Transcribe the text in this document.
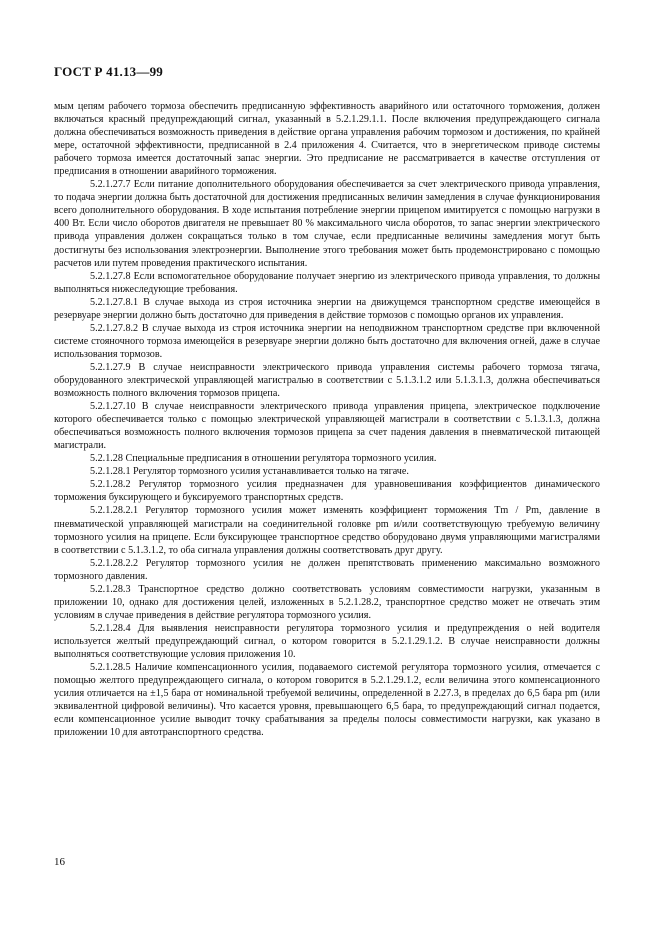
ГОСТ Р 41.13—99

мым цепям рабочего тормоза обеспечить предписанную эффективность аварийного или остаточного торможения, должен включаться красный предупреждающий сигнал, указанный в 5.2.1.29.1.1. После включения предупреждающего сигнала должна обеспечиваться возможность приведения в действие органа управления рабочим тормозом и достижения, по крайней мере, остаточной эффективности, предписанной в 2.4 приложения 4. Считается, что в энергетическом приводе системы рабочего тормоза имеется достаточный запас энергии. Это предписание не рассматривается в качестве отступления от предписания в отношении аварийного торможения.

5.2.1.27.7 Если питание дополнительного оборудования обеспечивается за счет электрического привода управления, то подача энергии должна быть достаточной для достижения предписанных величин замедления в случае функционирования всего дополнительного оборудования. В ходе испытания потребление энергии прицепом имитируется с помощью нагрузки в 400 Вт. Если число оборотов двигателя не превышает 80 % максимального числа оборотов, то запас энергии электрического привода управления должен сокращаться только в том случае, если предписанные величины замедления могут быть достигнуты без использования электроэнергии. Выполнение этого требования может быть продемонстрировано с помощью расчетов или путем проведения практического испытания.

5.2.1.27.8 Если вспомогательное оборудование получает энергию из электрического привода управления, то должны выполняться нижеследующие требования.

5.2.1.27.8.1 В случае выхода из строя источника энергии на движущемся транспортном средстве имеющейся в резервуаре энергии должно быть достаточно для приведения в действие тормозов с помощью органов их управления.

5.2.1.27.8.2 В случае выхода из строя источника энергии на неподвижном транспортном средстве при включенной системе стояночного тормоза имеющейся в резервуаре энергии должно быть достаточно для включения огней, даже в случае использования тормозов.

5.2.1.27.9 В случае неисправности электрического привода управления системы рабочего тормоза тягача, оборудованного электрической управляющей магистралью в соответствии с 5.1.3.1.2 или 5.1.3.1.3, должна обеспечиваться возможность полного включения тормозов прицепа.

5.2.1.27.10 В случае неисправности электрического привода управления прицепа, электрическое подключение которого обеспечивается только с помощью электрической управляющей магистрали в соответствии с 5.1.3.1.3, должна обеспечиваться возможность полного включения тормозов прицепа за счет падения давления в пневматической питающей магистрали.

5.2.1.28 Специальные предписания в отношении регулятора тормозного усилия.

5.2.1.28.1 Регулятор тормозного усилия устанавливается только на тягаче.

5.2.1.28.2 Регулятор тормозного усилия предназначен для уравновешивания коэффициентов динамического торможения буксирующего и буксируемого транспортных средств.

5.2.1.28.2.1 Регулятор тормозного усилия может изменять коэффициент торможения Tm / Pm, давление в пневматической управляющей магистрали на соединительной головке pm и/или соответствующую требуемую величину тормозного усилия на прицепе. Если буксирующее транспортное средство оборудовано двумя управляющими магистралями в соответствии с 5.1.3.1.2, то оба сигнала управления должны соответствовать друг другу.

5.2.1.28.2.2 Регулятор тормозного усилия не должен препятствовать применению максимально возможного тормозного давления.

5.2.1.28.3 Транспортное средство должно соответствовать условиям совместимости нагрузки, указанным в приложении 10, однако для достижения целей, изложенных в 5.2.1.28.2, транспортное средство может не отвечать этим условиям в случае приведения в действие регулятора тормозного усилия.

5.2.1.28.4 Для выявления неисправности регулятора тормозного усилия и предупреждения о ней водителя используется желтый предупреждающий сигнал, о котором говорится в 5.2.1.29.1.2. В случае неисправности должны выполняться соответствующие условия приложения 10.

5.2.1.28.5 Наличие компенсационного усилия, подаваемого системой регулятора тормозного усилия, отмечается с помощью желтого предупреждающего сигнала, о котором говорится в 5.2.1.29.1.2, если величина этого компенсационного усилия отличается на ±1,5 бара от номинальной требуемой величины, определенной в 2.27.3, в пределах до 6,5 бара pm (или эквивалентной цифровой величины). Что касается уровня, превышающего 6,5 бара, то предупреждающий сигнал подается, если компенсационное усилие выводит точку срабатывания за пределы полосы совместимости нагрузки, как указано в приложении 10 для автотранспортного средства.

16
